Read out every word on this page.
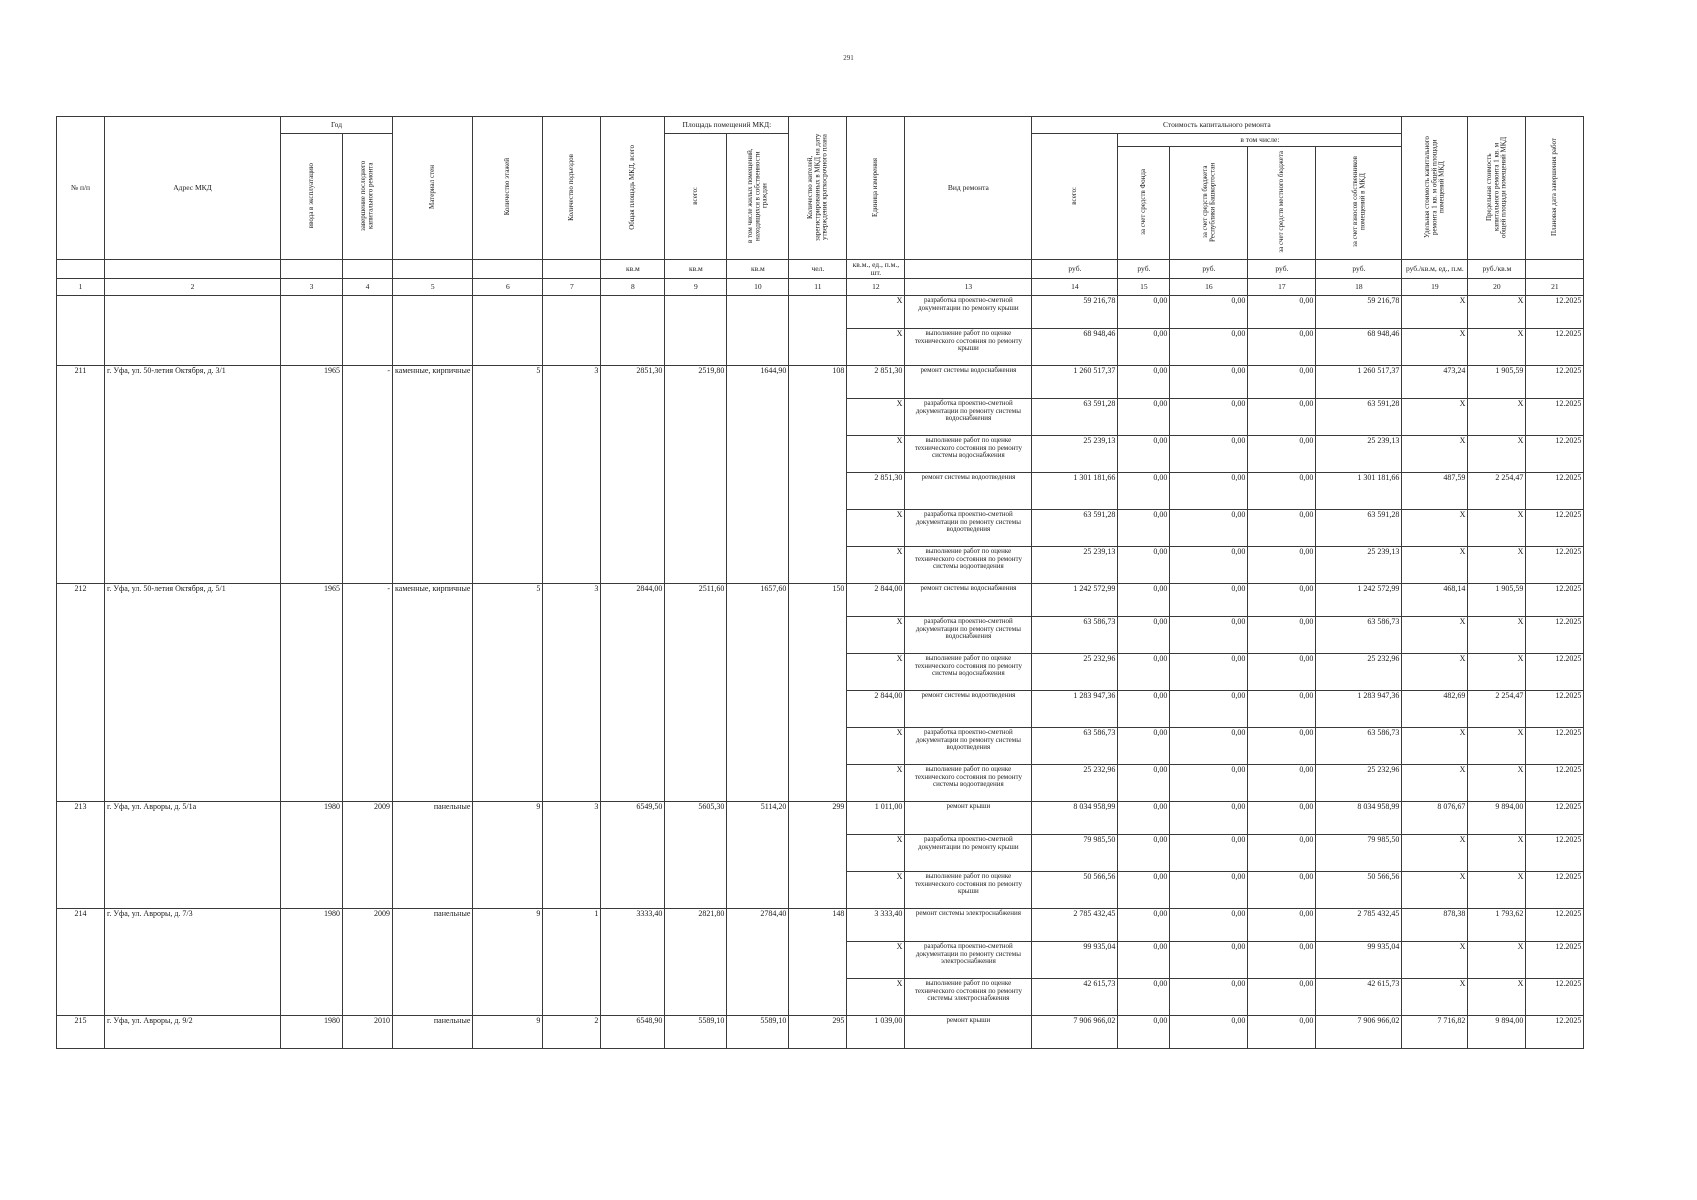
291
№ п/п	Адрес МКД	Год		Материал стен	Количество этажей	Количество подъездов	Общая площадь МКД, всего	Площадь помещений МКД:		Количество жителей, зарегистрированных в МКД на дату утверждения краткосрочного плана	Единица измерения	Вид ремонта	Стоимость капитального ремонта					Удельная стоимость капитального ремонта 1 кв. м общей площади помещений МКД	Предельная стоимость капитального ремонта 1 кв. м общей площади помещений МКД	Плановая дата завершения работ
		ввода в эксплуатацию	завершение последнего капитального ремонта					всего:	в том числе жилых помещений, находящихся в собственности граждан				всего:	в том числе:						
														за счет средств Фонда	за счет средств бюджета Республики Башкортостан	за счет средств местного бюджета	за счет взносов собственников помещений в МКД			
							кв.м	кв.м	кв.м	чел.	кв.м., ед., п.м., шт.		руб.	руб.	руб.	руб.	руб.	руб./кв.м, ед., п.м.	руб./кв.м	
1	2	3	4	5	6	7	8	9	10	11	12	13	14	15	16	17	18	19	20	21
											X	разработка проектно-сметной документации по ремонту крыши	59 216,78	0,00	0,00	0,00	59 216,78	X	X	12.2025
											X	выполнение работ по оценке технического состояния по ремонту крыши	68 948,46	0,00	0,00	0,00	68 948,46	X	X	12.2025
211	г. Уфа, ул. 50-летия Октября, д. 3/1	1965	-	каменные, кирпичные	5	3	2851,30	2519,80	1644,90	108	2 851,30	ремонт системы водоснабжения	1 260 517,37	0,00	0,00	0,00	1 260 517,37	473,24	1 905,59	12.2025
											X	разработка проектно-сметной документации по ремонту системы водоснабжения	63 591,28	0,00	0,00	0,00	63 591,28	X	X	12.2025
											X	выполнение работ по оценке технического состояния по ремонту системы водоснабжения	25 239,13	0,00	0,00	0,00	25 239,13	X	X	12.2025
											2 851,30	ремонт системы водоотведения	1 301 181,66	0,00	0,00	0,00	1 301 181,66	487,59	2 254,47	12.2025
											X	разработка проектно-сметной документации по ремонту системы водоотведения	63 591,28	0,00	0,00	0,00	63 591,28	X	X	12.2025
											X	выполнение работ по оценке технического состояния по ремонту системы водоотведения	25 239,13	0,00	0,00	0,00	25 239,13	X	X	12.2025
212	г. Уфа, ул. 50-летия Октября, д. 5/1	1965	-	каменные, кирпичные	5	3	2844,00	2511,60	1657,60	150	2 844,00	ремонт системы водоснабжения	1 242 572,99	0,00	0,00	0,00	1 242 572,99	468,14	1 905,59	12.2025
											X	разработка проектно-сметной документации по ремонту системы водоснабжения	63 586,73	0,00	0,00	0,00	63 586,73	X	X	12.2025
											X	выполнение работ по оценке технического состояния по ремонту системы водоснабжения	25 232,96	0,00	0,00	0,00	25 232,96	X	X	12.2025
											2 844,00	ремонт системы водоотведения	1 283 947,36	0,00	0,00	0,00	1 283 947,36	482,69	2 254,47	12.2025
											X	разработка проектно-сметной документации по ремонту системы водоотведения	63 586,73	0,00	0,00	0,00	63 586,73	X	X	12.2025
											X	выполнение работ по оценке технического состояния по ремонту системы водоотведения	25 232,96	0,00	0,00	0,00	25 232,96	X	X	12.2025
213	г. Уфа, ул. Авроры, д. 5/1а	1980	2009	панельные	9	3	6549,50	5605,30	5114,20	299	1 011,00	ремонт крыши	8 034 958,99	0,00	0,00	0,00	8 034 958,99	8 076,67	9 894,00	12.2025
											X	разработка проектно-сметной документации по ремонту крыши	79 985,50	0,00	0,00	0,00	79 985,50	X	X	12.2025
											X	выполнение работ по оценке технического состояния по ремонту крыши	50 566,56	0,00	0,00	0,00	50 566,56	X	X	12.2025
214	г. Уфа, ул. Авроры, д. 7/3	1980	2009	панельные	9	1	3333,40	2821,80	2784,40	148	3 333,40	ремонт системы электроснабжения	2 785 432,45	0,00	0,00	0,00	2 785 432,45	878,38	1 793,62	12.2025
											X	разработка проектно-сметной документации по ремонту системы электроснабжения	99 935,04	0,00	0,00	0,00	99 935,04	X	X	12.2025
											X	выполнение работ по оценке технического состояния по ремонту системы электроснабжения	42 615,73	0,00	0,00	0,00	42 615,73	X	X	12.2025
215	г. Уфа, ул. Авроры, д. 9/2	1980	2010	панельные	9	2	6548,90	5589,10	5589,10	295	1 039,00	ремонт крыши	7 906 966,02	0,00	0,00	0,00	7 906 966,02	7 716,82	9 894,00	12.2025
